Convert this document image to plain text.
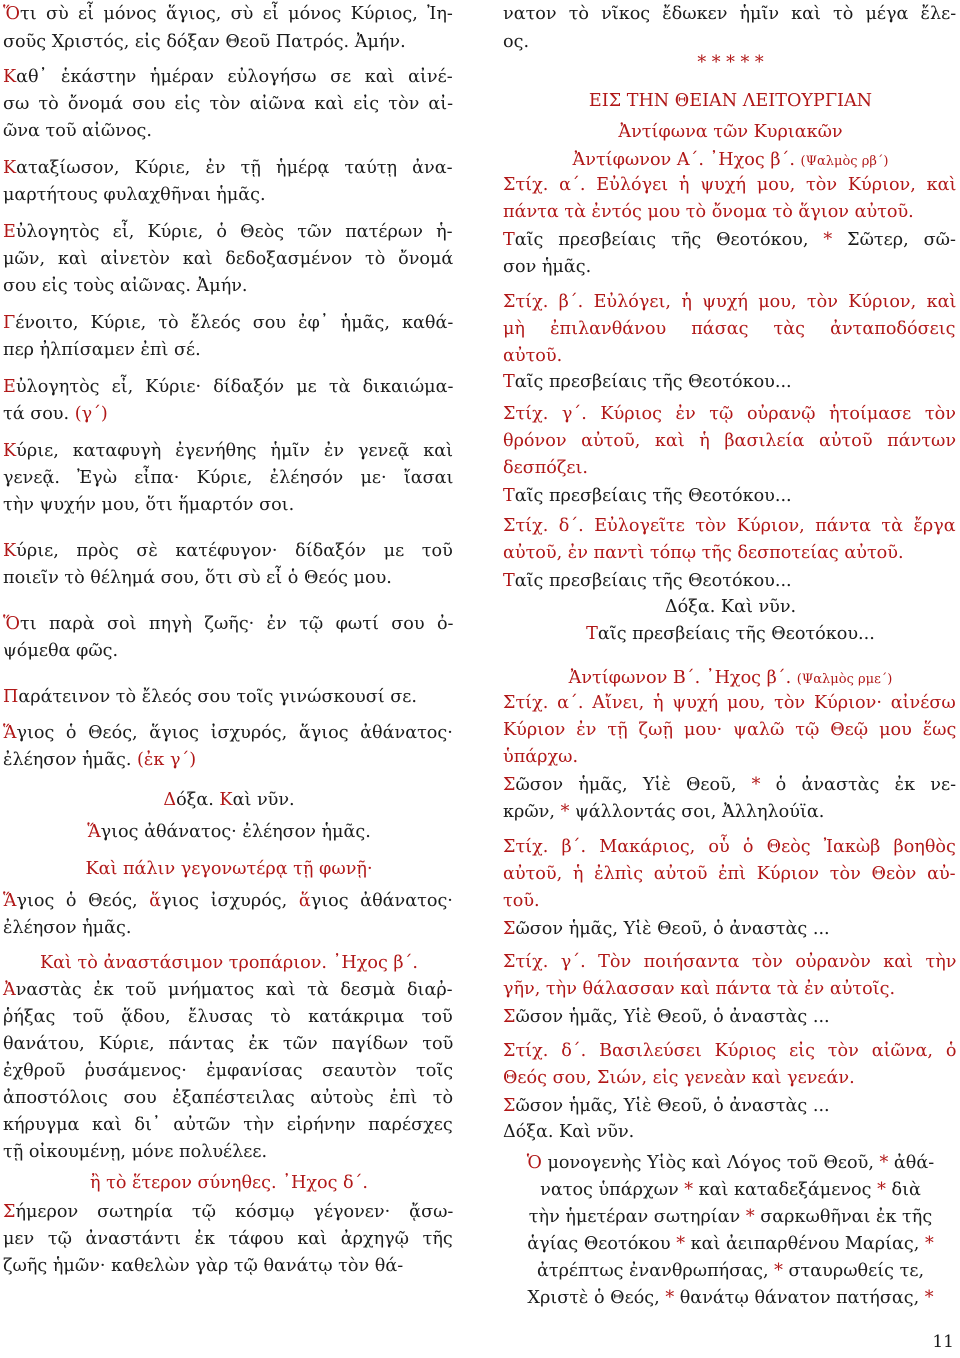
Ὅτι σὺ εἶ μόνος ἅγιος, σὺ εἶ μόνος Κύριος, Ἰη-
σοῦς Χριστός, εἰς δόξαν Θεοῦ Πατρός. Ἀμήν.
Καθ᾿ ἑκάστην ἡμέραν εὐλογήσω σε καὶ αἰνέ-
σω τὸ ὄνομά σου εἰς τὸν αἰῶνα καὶ εἰς τὸν αἰ-
ῶνα τοῦ αἰῶνος.
Καταξίωσον, Κύριε, ἐν τῇ ἡμέρᾳ ταύτῃ ἀνα-
μαρτήτους φυλαχθῆναι ἡμᾶς.
Εὐλογητὸς εἶ, Κύριε, ὁ Θεὸς τῶν πατέρων ἡ-
μῶν, καὶ αἰνετὸν καὶ δεδοξασμένον τὸ ὄνομά
σου εἰς τοὺς αἰῶνας. Ἀμήν.
Γένοιτο, Κύριε, τὸ ἔλεός σου ἐφ᾿ ἡμᾶς, καθά-
περ ἠλπίσαμεν ἐπὶ σέ.
Εὐλογητὸς εἶ, Κύριε· δίδαξόν με τὰ δικαιώμα-
τά σου. (γ´)
Κύριε, καταφυγὴ ἐγενήθης ἡμῖν ἐν γενεᾷ καὶ
γενεᾷ. Ἐγὼ εἶπα· Κύριε, ἐλέησόν με· ἴασαι
τὴν ψυχήν μου, ὅτι ἥμαρτόν σοι.
Κύριε, πρὸς σὲ κατέφυγον· δίδαξόν με τοῦ
ποιεῖν τὸ θέλημά σου, ὅτι σὺ εἶ ὁ Θεός μου.
Ὅτι παρὰ σοὶ πηγὴ ζωῆς· ἐν τῷ φωτί σου ὀ-
ψόμεθα φῶς.
Παράτεινον τὸ ἔλεός σου τοῖς γινώσκουσί σε.
Ἅγιος ὁ Θεός, ἅγιος ἰσχυρός, ἅγιος ἀθάνατος·
ἐλέησον ἡμᾶς. (ἐκ γ´)
Δόξα. Καὶ νῦν.
Ἅγιος ἀθάνατος· ἐλέησον ἡμᾶς.
Καὶ πάλιν γεγονωτέρᾳ τῇ φωνῇ·
Ἅγιος ὁ Θεός, ἅγιος ἰσχυρός, ἅγιος ἀθάνατος·
ἐλέησον ἡμᾶς.
Καὶ τὸ ἀναστάσιμον τροπάριον. ᾿Ηχος β´.
Ἀναστὰς ἐκ τοῦ μνήματος καὶ τὰ δεσμὰ διαῤ-
ῥήξας τοῦ ᾅδου, ἔλυσας τὸ κατάκριμα τοῦ
θανάτου, Κύριε, πάντας ἐκ τῶν παγίδων τοῦ
ἐχθροῦ ῥυσάμενος· ἐμφανίσας σεαυτὸν τοῖς
ἀποστόλοις σου ἐξαπέστειλας αὐτοὺς ἐπὶ τὸ
κήρυγμα καὶ δι᾿ αὐτῶν τὴν εἰρήνην παρέσχες
τῇ οἰκουμένῃ, μόνε πολυέλεε.
ἢ τὸ ἕτερον σύνηθες. ᾿Ηχος δ´.
Σήμερον σωτηρία τῷ κόσμῳ γέγονεν· ᾄσω-
μεν τῷ ἀναστάντι ἐκ τάφου καὶ ἀρχηγῷ τῆς
ζωῆς ἡμῶν· καθελὼν γὰρ τῷ θανάτῳ τὸν θά-
νατον τὸ νῖκος ἔδωκεν ἡμῖν καὶ τὸ μέγα ἔλε-
ος.
* * * * *
ΕΙΣ ΤΗΝ ΘΕΙΑΝ ΛΕΙΤΟΥΡΓΙΑΝ
Ἀντίφωνα τῶν Κυριακῶν
Ἀντίφωνον Α´. ᾿Ηχος β´. (Ψαλμὸς ρβ´)
Στίχ. α´. Εὐλόγει ἡ ψυχή μου, τὸν Κύριον, καὶ
πάντα τὰ ἐντός μου τὸ ὄνομα τὸ ἅγιον αὐτοῦ.
Ταῖς πρεσβείαις τῆς Θεοτόκου, * Σῶτερ, σῶ-
σον ἡμᾶς.
Στίχ. β´. Εὐλόγει, ἡ ψυχή μου, τὸν Κύριον, καὶ
μὴ ἐπιλανθάνου πάσας τὰς ἀνταποδόσεις
αὐτοῦ.
Ταῖς πρεσβείαις τῆς Θεοτόκου...
Στίχ. γ´. Κύριος ἐν τῷ οὐρανῷ ἡτοίμασε τὸν
θρόνον αὐτοῦ, καὶ ἡ βασιλεία αὐτοῦ πάντων
δεσπόζει.
Ταῖς πρεσβείαις τῆς Θεοτόκου...
Στίχ. δ´. Εὐλογεῖτε τὸν Κύριον, πάντα τὰ ἔργα
αὐτοῦ, ἐν παντὶ τόπῳ τῆς δεσποτείας αὐτοῦ.
Ταῖς πρεσβείαις τῆς Θεοτόκου...
Δόξα. Καὶ νῦν.
Ταῖς πρεσβείαις τῆς Θεοτόκου...
Ἀντίφωνον Β´. ᾿Ηχος β´. (Ψαλμὸς ρμε´)
Στίχ. α´. Αἴνει, ἡ ψυχή μου, τὸν Κύριον· αἰνέσω
Κύριον ἐν τῇ ζωῇ μου· ψαλῶ τῷ Θεῷ μου ἕως
ὑπάρχω.
Σῶσον ἡμᾶς, Υἱὲ Θεοῦ, * ὁ ἀναστὰς ἐκ νε-
κρῶν, * ψάλλοντάς σοι, Ἀλληλούϊα.
Στίχ. β´. Μακάριος, οὗ ὁ Θεὸς Ἰακὼβ βοηθὸς
αὐτοῦ, ἡ ἐλπὶς αὐτοῦ ἐπὶ Κύριον τὸν Θεὸν αὐ-
τοῦ.
Σῶσον ἡμᾶς, Υἱὲ Θεοῦ, ὁ ἀναστὰς ...
Στίχ. γ´. Τὸν ποιήσαντα τὸν οὐρανὸν καὶ τὴν
γῆν, τὴν θάλασσαν καὶ πάντα τὰ ἐν αὐτοῖς.
Σῶσον ἡμᾶς, Υἱὲ Θεοῦ, ὁ ἀναστὰς ...
Στίχ. δ´. Βασιλεύσει Κύριος εἰς τὸν αἰῶνα, ὁ
Θεός σου, Σιών, εἰς γενεὰν καὶ γενεάν.
Σῶσον ἡμᾶς, Υἱὲ Θεοῦ, ὁ ἀναστὰς ...
Δόξα. Καὶ νῦν.
Ὁ μονογενὴς Υἱὸς καὶ Λόγος τοῦ Θεοῦ, * ἀθά-
νατος ὑπάρχων * καὶ καταδεξάμενος * διὰ
τὴν ἡμετέραν σωτηρίαν * σαρκωθῆναι ἐκ τῆς
ἁγίας Θεοτόκου * καὶ ἀειπαρθένου Μαρίας, *
ἀτρέπτως ἐνανθρωπήσας, * σταυρωθείς τε,
Χριστὲ ὁ Θεός, * θανάτῳ θάνατον πατήσας, *
11
